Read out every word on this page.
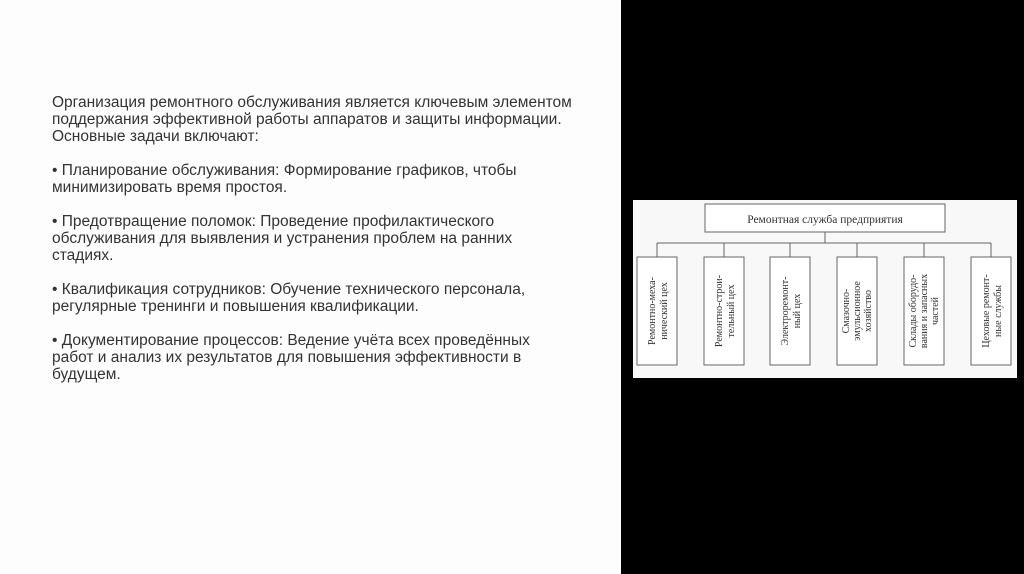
Организация ремонтного обслуживания является ключевым элементом поддержания эффективной работы аппаратов и защиты информации. Основные задачи включают:

• Планирование обслуживания: Формирование графиков, чтобы минимизировать время простоя.

• Предотвращение поломок: Проведение профилактического обслуживания для выявления и устранения проблем на ранних стадиях.

• Квалификация сотрудников: Обучение технического персонала, регулярные тренинги и повышения квалификации.

• Документирование процессов: Ведение учёта всех проведённых работ и анализ их результатов для повышения эффективности в будущем.

Ремонтная служба предприятия
Ремонтно-меха- нический цех	Ремонтно-строи- тельный цех	Электроремонт- ный цех	Смазочно- эмульсионное хозяйство	Склады оборудо- вания и запасных частей	Цеховые ремонт- ные службы
